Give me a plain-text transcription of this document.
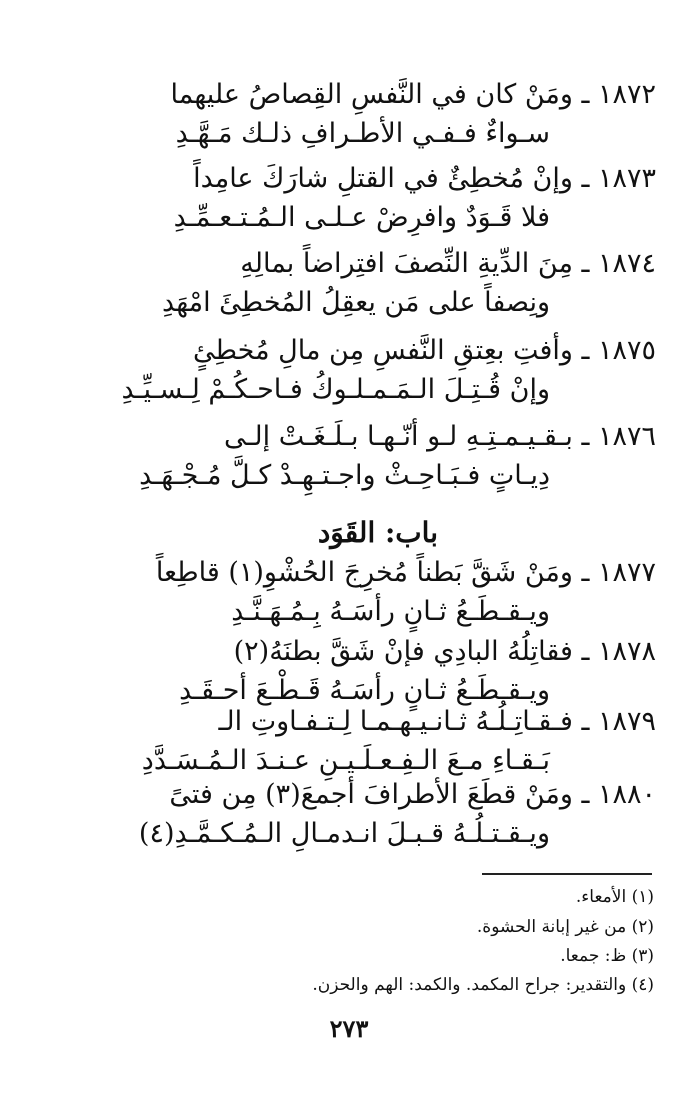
١٨٧٢ ـ ومَنْ كان في النَّفسِ القِصاصُ عليهما
سـواءٌ فـفـي الأطـرافِ ذلـك مَـهَّـدِ
١٨٧٣ ـ وإنْ مُخطِئٌ في القتلِ شارَكَ عامِداً
فلا قَـوَدٌ وافرِضْ عـلـى الـمُـتـعـمِّـدِ
١٨٧٤ ـ مِنَ الدِّيةِ النِّصفَ افتِراضاً بمالِهِ
ونِصفاً على مَن يعقِلُ المُخطِئَ امْهَدِ
١٨٧٥ ـ وأفتِ بعِتقِ النَّفسِ مِن مالِ مُخطِئٍ
وإنْ قُـتِـلَ الـمَـمـلـوكُ فـاحـكُـمْ لِـسـيِّـدِ
١٨٧٦ ـ بـقـيـمـتِـهِ لـو أنّـهـا بـلَـغَـتْ إلـى
دِيـاتٍ فـبَـاحِـثْ واجـتـهِـدْ كـلَّ مُـجْـهَـدِ
باب: القَوَد
١٨٧٧ ـ ومَنْ شَقَّ بَطناً مُخرِجَ الحُشْوِ(١) قاطِعاً
ويـقـطَـعُ ثـانٍ رأسَـهُ بِـمُـهَـنَّـدِ
١٨٧٨ ـ فقاتِلُهُ البادِي فإنْ شَقَّ بطنَهُ(٢)
ويـقـطَـعُ ثـانٍ رأسَـهُ قَـطْـعَ أحـقَـدِ
١٨٧٩ ـ فـقـاتِـلُـهُ ثـانـيـهـمـا لِـتـفـاوتِ الـ
بَـقـاءِ مـعَ الـفِـعـلَـيـنِ عـنـدَ الـمُـسَـدَّدِ
١٨٨٠ ـ ومَنْ قطَعَ الأطرافَ أجمعَ(٣) مِن فتىً
ويـقـتـلُـهُ قـبـلَ انـدمـالِ الـمُـكـمَّـدِ(٤)
(١) الأمعاء.
(٢) من غير إبانة الحشوة.
(٣) ظ: جمعا.
(٤) والتقدير: جراح المكمد. والكمد: الهم والحزن.
٢٧٣
